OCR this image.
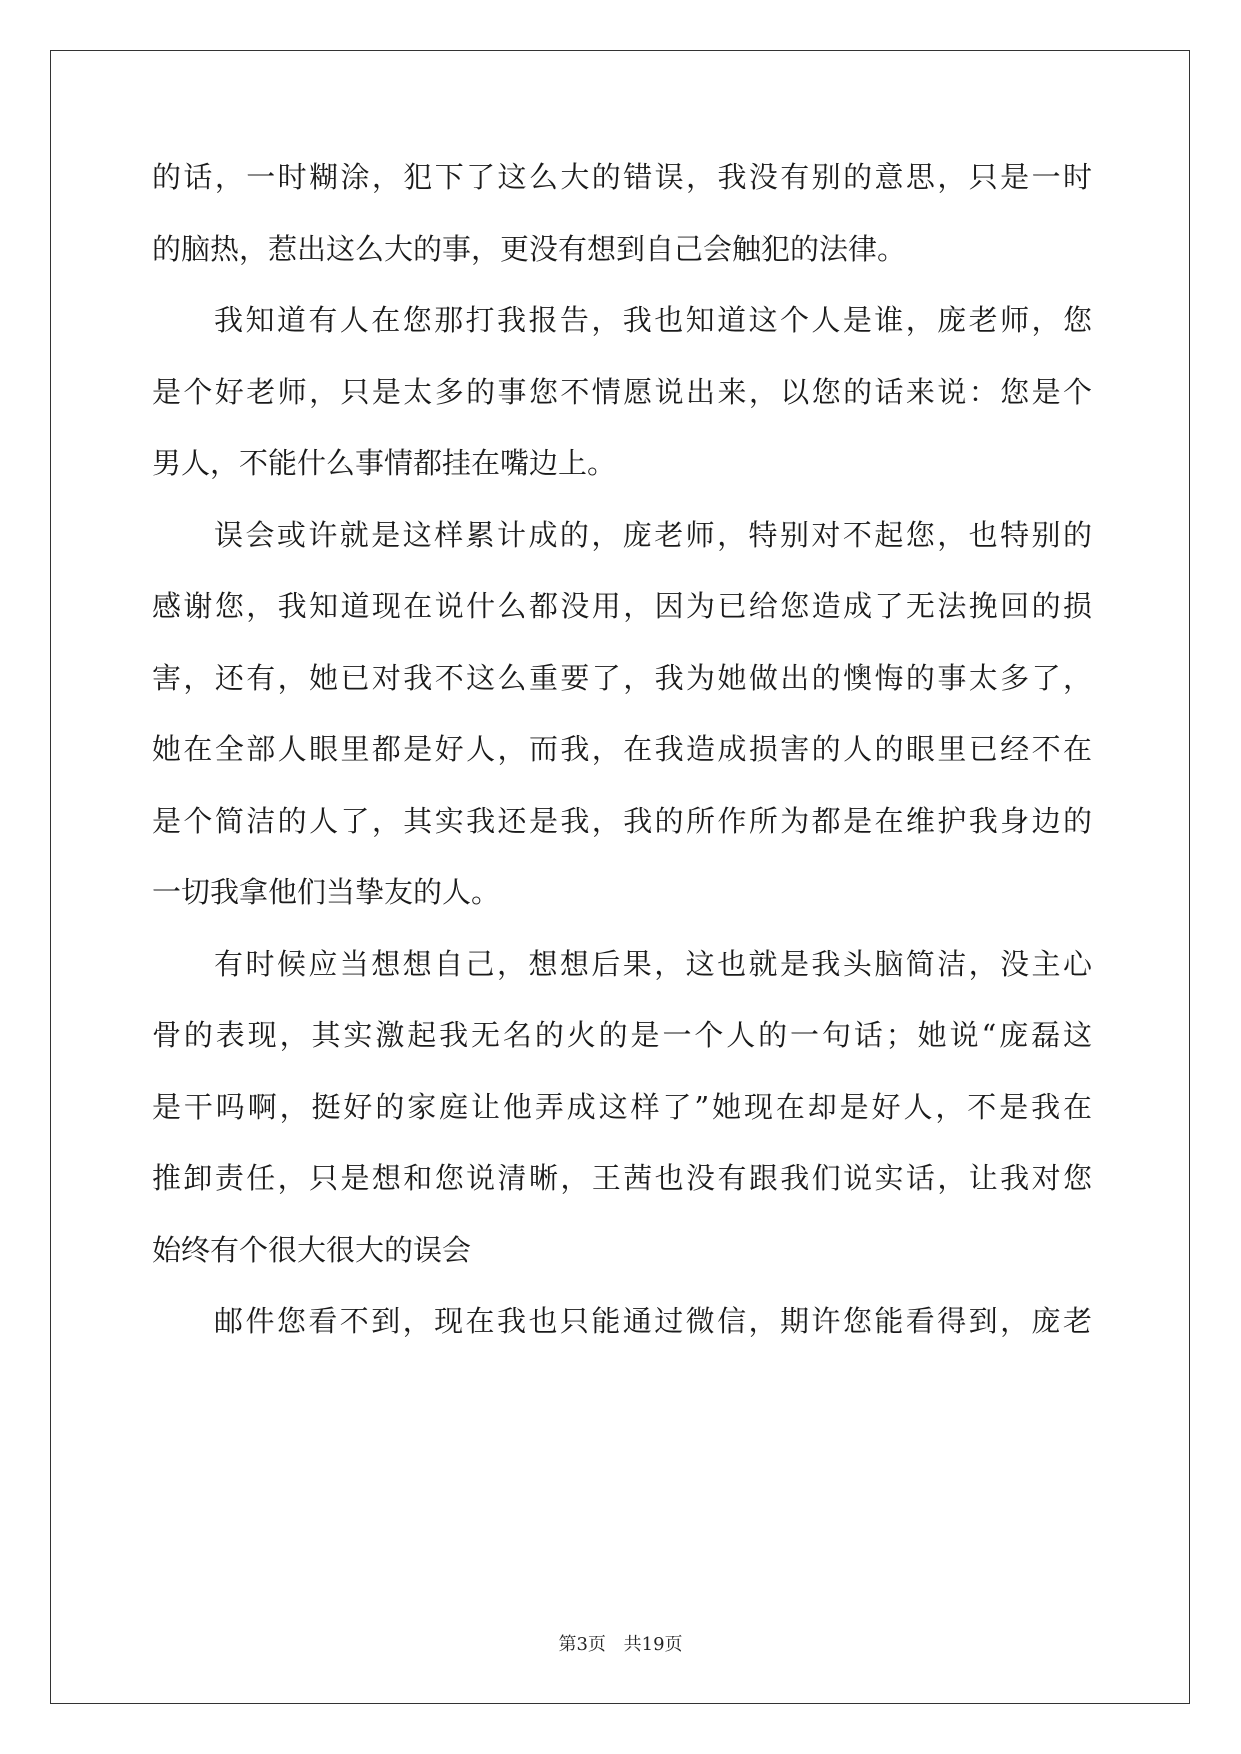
的话，一时糊涂，犯下了这么大的错误，我没有别的意思，只是一时
的脑热，惹出这么大的事，更没有想到自己会触犯的法律。
我知道有人在您那打我报告，我也知道这个人是谁，庞老师，您
是个好老师，只是太多的事您不情愿说出来，以您的话来说：您是个
男人，不能什么事情都挂在嘴边上。
误会或许就是这样累计成的，庞老师，特别对不起您，也特别的
感谢您，我知道现在说什么都没用，因为已给您造成了无法挽回的损
害，还有，她已对我不这么重要了，我为她做出的懊悔的事太多了，
她在全部人眼里都是好人，而我，在我造成损害的人的眼里已经不在
是个简洁的人了，其实我还是我，我的所作所为都是在维护我身边的
一切我拿他们当挚友的人。
有时候应当想想自己，想想后果，这也就是我头脑简洁，没主心
骨的表现，其实激起我无名的火的是一个人的一句话；她说“庞磊这
是干吗啊，挺好的家庭让他弄成这样了”她现在却是好人，不是我在
推卸责任，只是想和您说清晰，王茜也没有跟我们说实话，让我对您
始终有个很大很大的误会
邮件您看不到，现在我也只能通过微信，期许您能看得到，庞老
第3页 共19页
